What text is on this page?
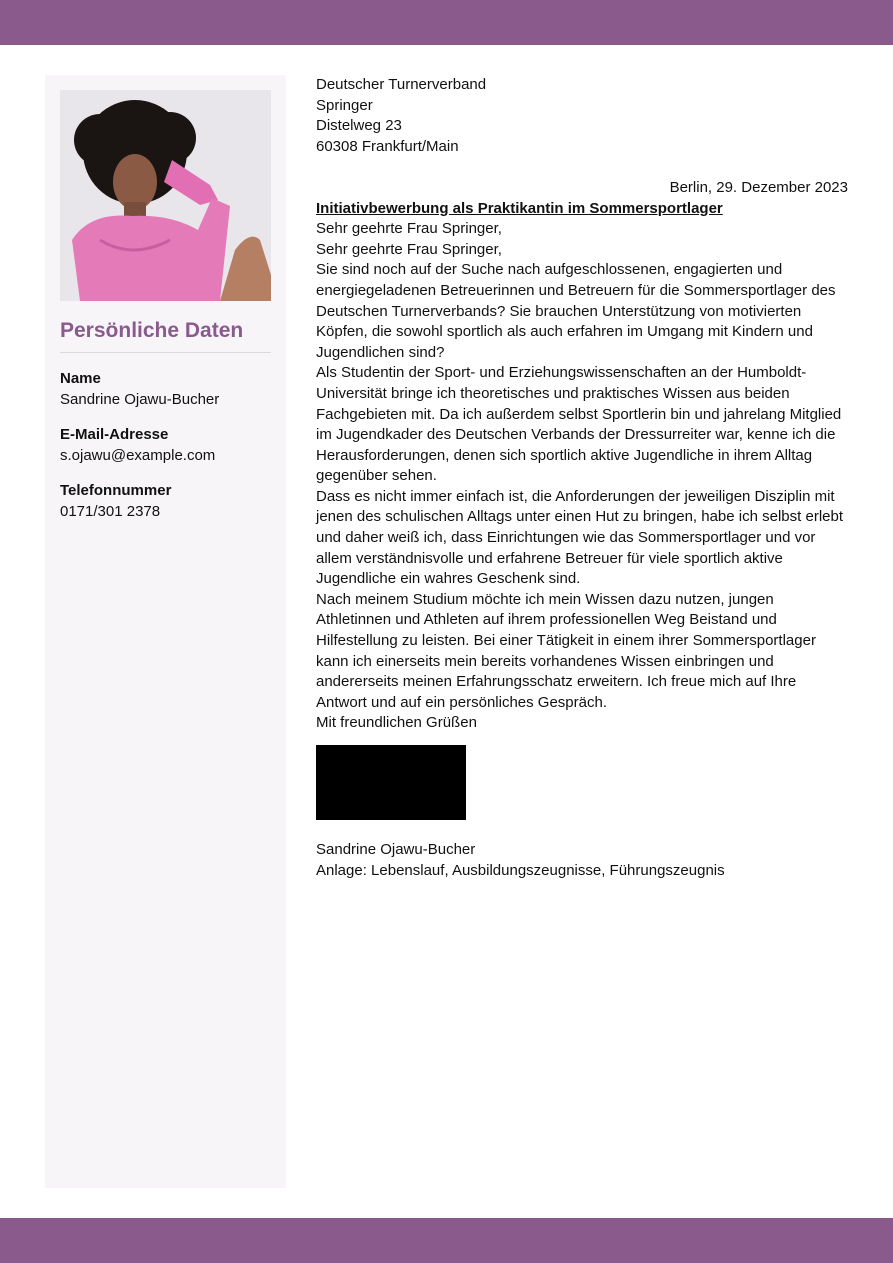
Persönliche Daten
Name
Sandrine Ojawu-Bucher
E-Mail-Adresse
s.ojawu@example.com
Telefonnummer
0171/301 2378

Deutscher Turnerverband

Springer

Distelweg 23

60308 Frankfurt/Main

Berlin, 29. Dezember 2023

Initiativbewerbung als Praktikantin im Sommersportlager

Sehr geehrte Frau Springer,

Sehr geehrte Frau Springer,

Sie sind noch auf der Suche nach aufgeschlossenen, engagierten und energiegeladenen Betreuerinnen und Betreuern für die Sommersportlager des Deutschen Turnerverbands? Sie brauchen Unterstützung von motivierten Köpfen, die sowohl sportlich als auch erfahren im Umgang mit Kindern und Jugendlichen sind?

Als Studentin der Sport- und Erziehungswissenschaften an der Humboldt-Universität bringe ich theoretisches und praktisches Wissen aus beiden Fachgebieten mit. Da ich außerdem selbst Sportlerin bin und jahrelang Mitglied im Jugendkader des Deutschen Verbands der Dressurreiter war, kenne ich die Herausforderungen, denen sich sportlich aktive Jugendliche in ihrem Alltag gegenüber sehen.

Dass es nicht immer einfach ist, die Anforderungen der jeweiligen Disziplin mit jenen des schulischen Alltags unter einen Hut zu bringen, habe ich selbst erlebt und daher weiß ich, dass Einrichtungen wie das Sommersportlager und vor allem verständnisvolle und erfahrene Betreuer für viele sportlich aktive Jugendliche ein wahres Geschenk sind.

Nach meinem Studium möchte ich mein Wissen dazu nutzen, jungen Athletinnen und Athleten auf ihrem professionellen Weg Beistand und Hilfestellung zu leisten. Bei einer Tätigkeit in einem ihrer Sommersportlager kann ich einerseits mein bereits vorhandenes Wissen einbringen und andererseits meinen Erfahrungsschatz erweitern. Ich freue mich auf Ihre Antwort und auf ein persönliches Gespräch.

Mit freundlichen Grüßen

Sandrine Ojawu-Bucher

Anlage: Lebenslauf, Ausbildungszeugnisse, Führungszeugnis
